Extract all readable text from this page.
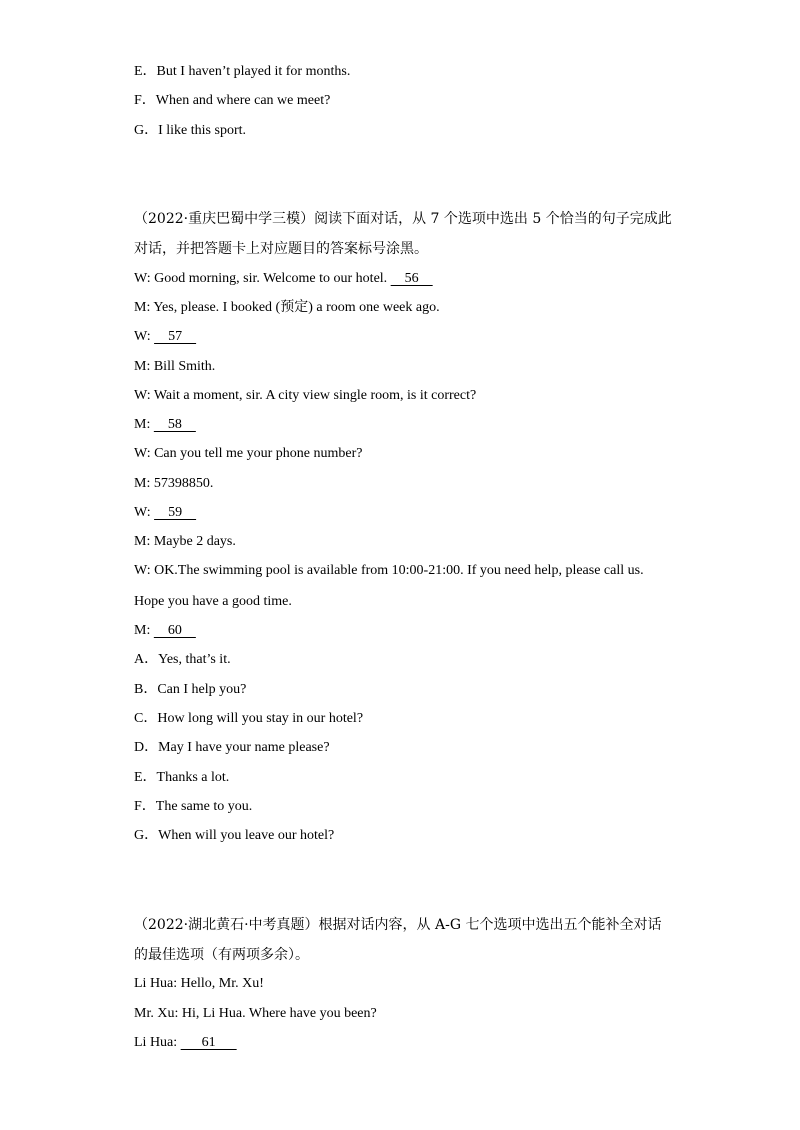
E．But I haven’t played it for months.
F．When and where can we meet?
G．I like this sport.
（2022·重庆巴蜀中学三模）阅读下面对话，从 7 个选项中选出 5 个恰当的句子完成此
对话，并把答题卡上对应题目的答案标号涂黑。
W: Good morning, sir. Welcome to our hotel.     56
M: Yes, please. I booked (预定) a room one week ago.
W:     57
M: Bill Smith.
W: Wait a moment, sir. A city view single room, is it correct?
M:     58
W: Can you tell me your phone number?
M: 57398850.
W:     59
M: Maybe 2 days.
W: OK.The swimming pool is available from 10:00-21:00. If you need help, please call us.
Hope you have a good time.
M:     60
A．Yes, that’s it.
B．Can I help you?
C．How long will you stay in our hotel?
D．May I have your name please?
E．Thanks a lot.
F．The same to you.
G．When will you leave our hotel?
（2022·湖北黄石·中考真题）根据对话内容，从 A-G 七个选项中选出五个能补全对话
的最佳选项（有两项多余）。
Li Hua: Hello, Mr. Xu!
Mr. Xu: Hi, Li Hua. Where have you been?
Li Hua:       61
